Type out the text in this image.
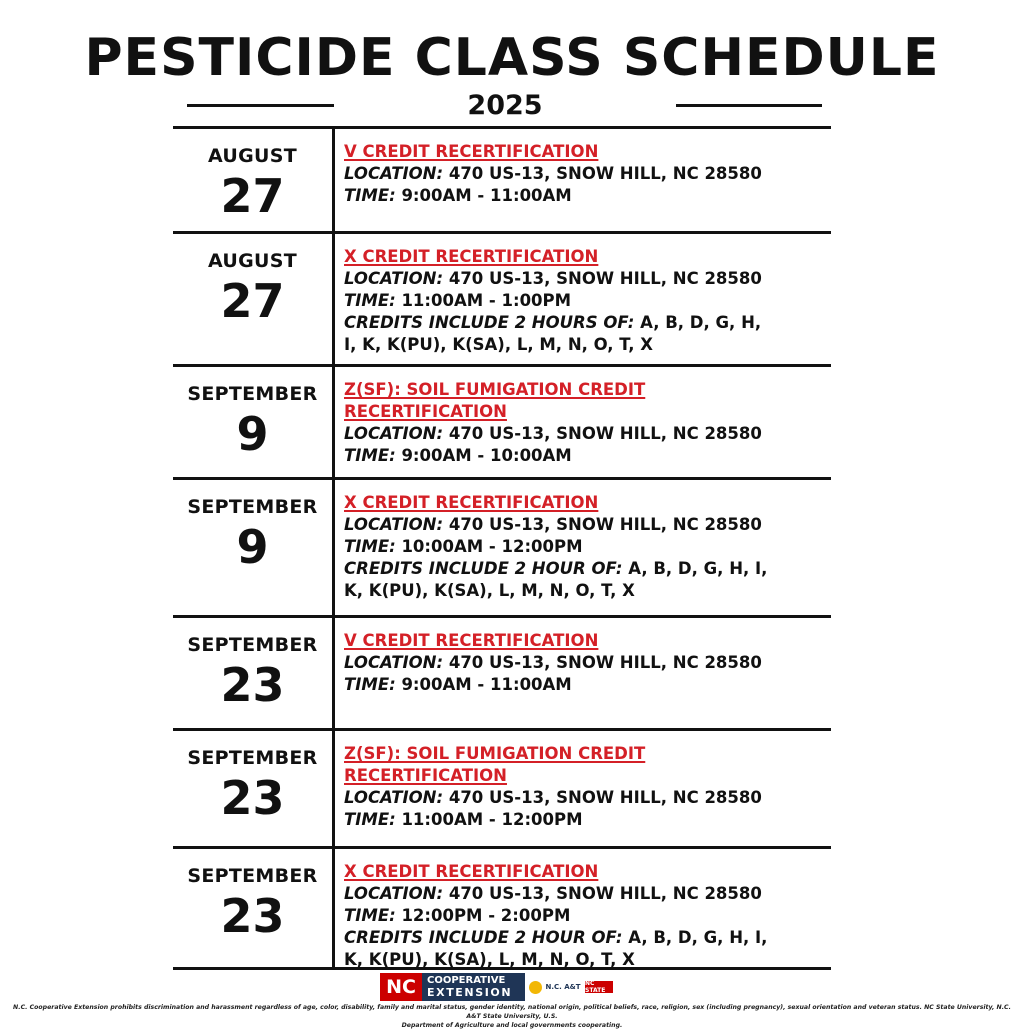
PESTICIDE CLASS SCHEDULE
2025
AUGUST
27
V CREDIT RECERTIFICATION
LOCATION: 470 US-13, SNOW HILL, NC 28580
TIME: 9:00AM - 11:00AM
AUGUST
27
X CREDIT RECERTIFICATION
LOCATION: 470 US-13, SNOW HILL, NC 28580
TIME: 11:00AM - 1:00PM
CREDITS INCLUDE 2 HOURS OF: A, B, D, G, H,
I, K, K(PU), K(SA), L, M, N, O, T, X
SEPTEMBER
9
Z(SF): SOIL FUMIGATION CREDIT
RECERTIFICATION
LOCATION: 470 US-13, SNOW HILL, NC 28580
TIME: 9:00AM - 10:00AM
SEPTEMBER
9
X CREDIT RECERTIFICATION
LOCATION: 470 US-13, SNOW HILL, NC 28580
TIME: 10:00AM - 12:00PM
CREDITS INCLUDE 2 HOUR OF: A, B, D, G, H, I,
K, K(PU), K(SA), L, M, N, O, T, X
SEPTEMBER
23
V CREDIT RECERTIFICATION
LOCATION: 470 US-13, SNOW HILL, NC 28580
TIME: 9:00AM - 11:00AM
SEPTEMBER
23
Z(SF): SOIL FUMIGATION CREDIT
RECERTIFICATION
LOCATION: 470 US-13, SNOW HILL, NC 28580
TIME: 11:00AM - 12:00PM
SEPTEMBER
23
X CREDIT RECERTIFICATION
LOCATION: 470 US-13, SNOW HILL, NC 28580
TIME: 12:00PM - 2:00PM
CREDITS INCLUDE 2 HOUR OF: A, B, D, G, H, I,
K, K(PU), K(SA), L, M, N, O, T, X
NC	COOPERATIVE
EXTENSION	N.C. A&T NC STATE
N.C. Cooperative Extension prohibits discrimination and harassment regardless of age, color, disability, family and marital status, gender identity, national origin, political beliefs, race, religion, sex (including pregnancy), sexual orientation and veteran status. NC State University, N.C. A&T State University, U.S.
Department of Agriculture and local governments cooperating.
